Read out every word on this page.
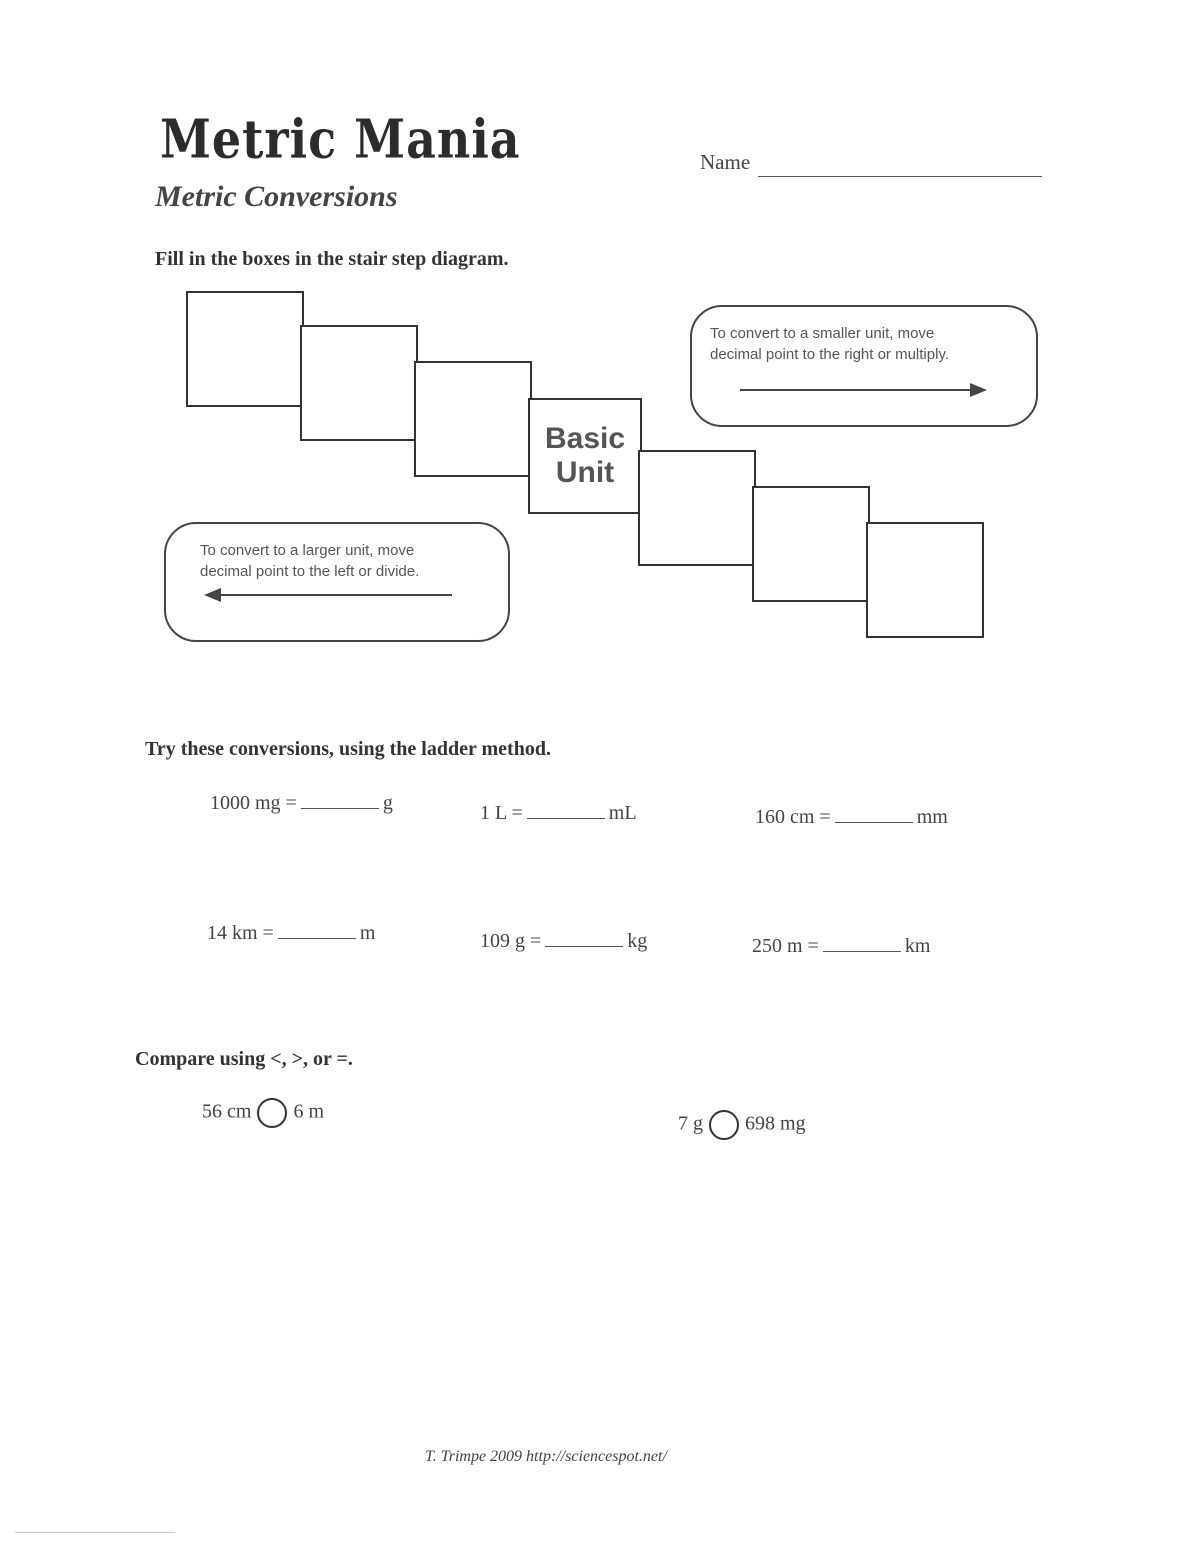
Metric Mania
Metric Conversions
Name
Fill in the boxes in the stair step diagram.
Basic
Unit
To convert to a smaller unit, move
decimal point to the right or multiply.
To convert to a larger unit, move
decimal point to the left or divide.
Try these conversions, using the ladder method.
1000 mg =	g	1 L =	mL	160 cm =	mm
14 km =	m	109 g =	kg	250 m =	km
Compare using <, >, or =.
56 cm 6 m
7 g 698 mg
T. Trimpe 2009 http://sciencespot.net/
